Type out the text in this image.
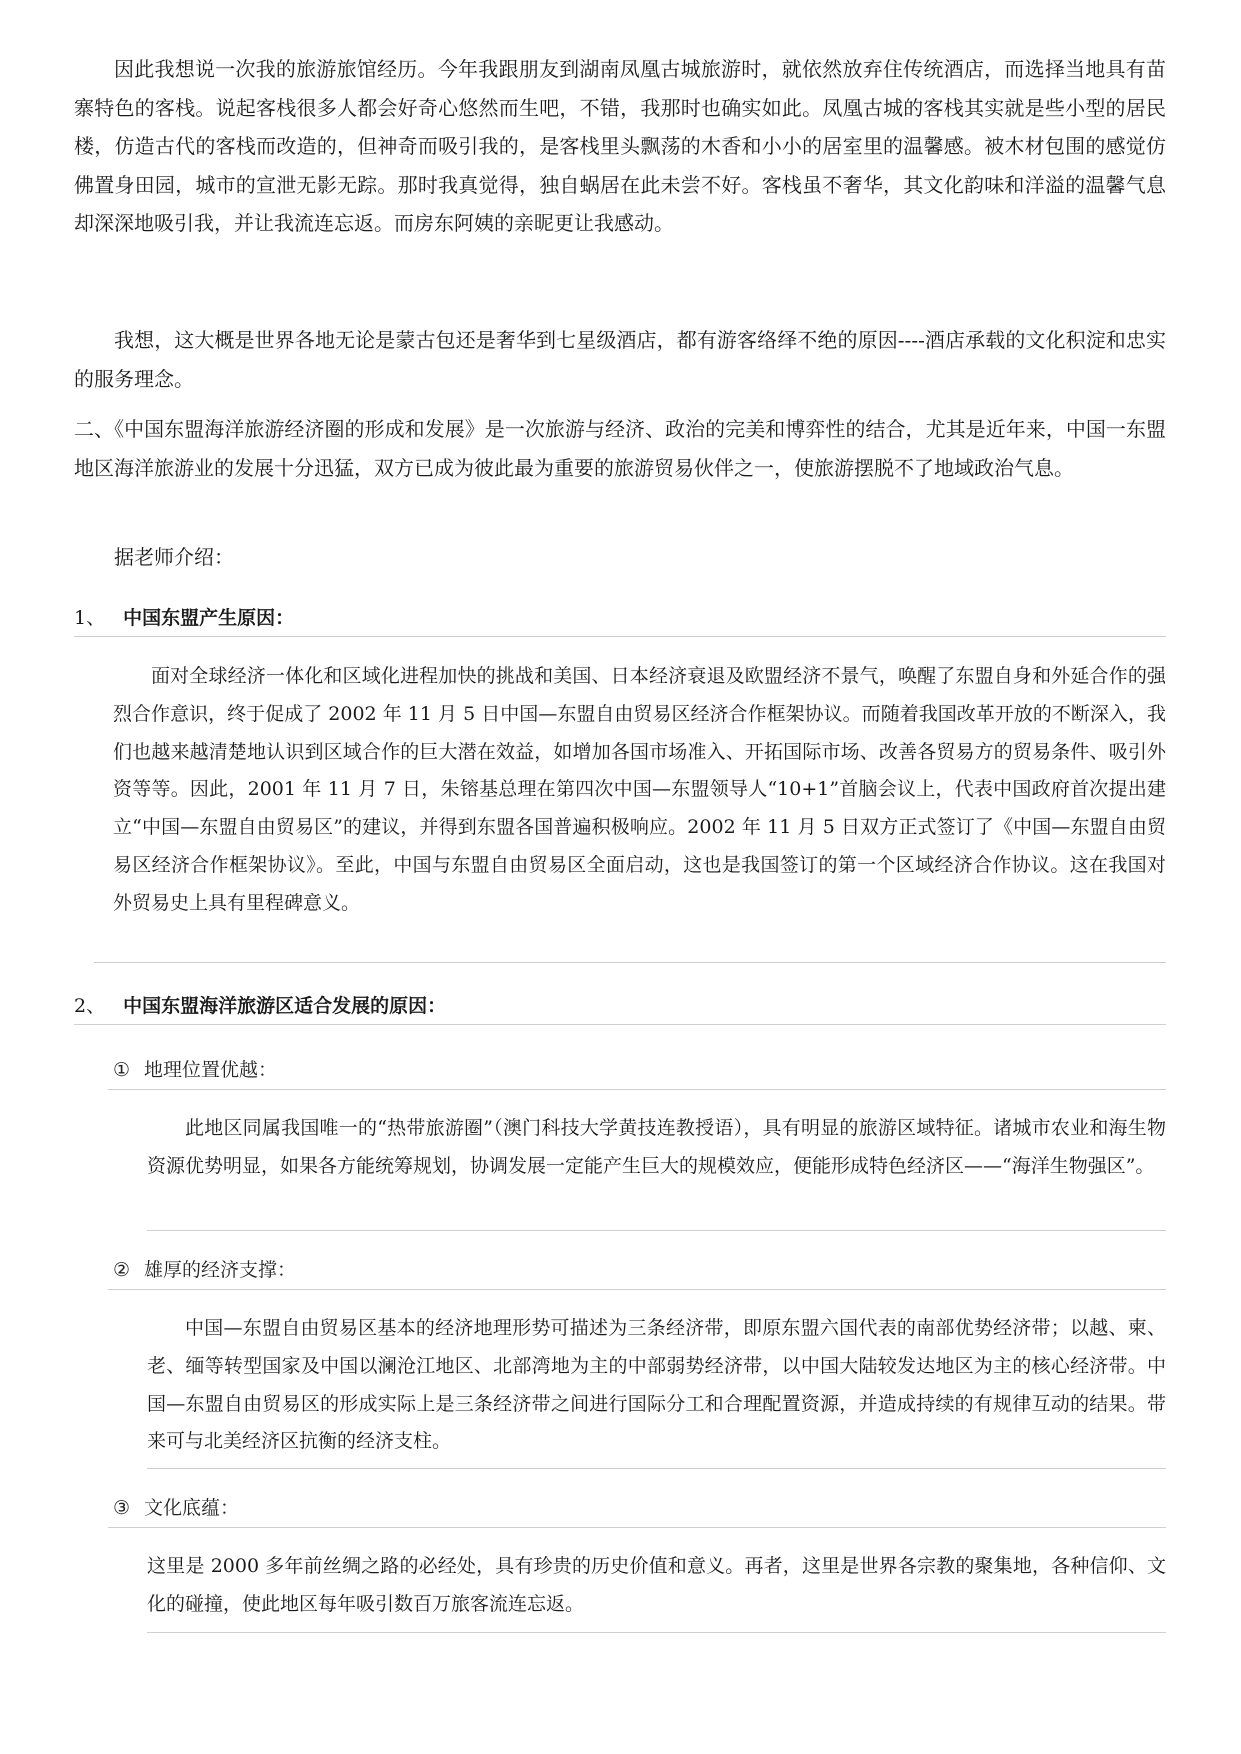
因此我想说一次我的旅游旅馆经历。今年我跟朋友到湖南凤凰古城旅游时，就依然放弃住传统酒店，而选择当地具有苗寨特色的客栈。说起客栈很多人都会好奇心悠然而生吧，不错，我那时也确实如此。凤凰古城的客栈其实就是些小型的居民楼，仿造古代的客栈而改造的，但神奇而吸引我的，是客栈里头飘荡的木香和小小的居室里的温馨感。被木材包围的感觉仿佛置身田园，城市的宣泄无影无踪。那时我真觉得，独自蜗居在此未尝不好。客栈虽不奢华，其文化韵味和洋溢的温馨气息却深深地吸引我，并让我流连忘返。而房东阿姨的亲昵更让我感动。

我想，这大概是世界各地无论是蒙古包还是奢华到七星级酒店，都有游客络绎不绝的原因----酒店承载的文化积淀和忠实的服务理念。

二、《中国东盟海洋旅游经济圈的形成和发展》是一次旅游与经济、政治的完美和博弈性的结合，尤其是近年来，中国一东盟地区海洋旅游业的发展十分迅猛，双方已成为彼此最为重要的旅游贸易伙伴之一，使旅游摆脱不了地域政治气息。

据老师介绍：

1、 中国东盟产生原因：

面对全球经济一体化和区域化进程加快的挑战和美国、日本经济衰退及欧盟经济不景气，唤醒了东盟自身和外延合作的强烈合作意识，终于促成了 2002 年 11 月 5 日中国—东盟自由贸易区经济合作框架协议。而随着我国改革开放的不断深入，我们也越来越清楚地认识到区域合作的巨大潜在效益，如增加各国市场准入、开拓国际市场、改善各贸易方的贸易条件、吸引外资等等。因此，2001 年 11 月 7 日，朱镕基总理在第四次中国—东盟领导人“10+1”首脑会议上，代表中国政府首次提出建立“中国—东盟自由贸易区”的建议，并得到东盟各国普遍积极响应。2002 年 11 月 5 日双方正式签订了《中国—东盟自由贸易区经济合作框架协议》。至此，中国与东盟自由贸易区全面启动，这也是我国签订的第一个区域经济合作协议。这在我国对外贸易史上具有里程碑意义。

2、 中国东盟海洋旅游区适合发展的原因：
① 地理位置优越：

此地区同属我国唯一的“热带旅游圈”（澳门科技大学黄技连教授语），具有明显的旅游区域特征。诸城市农业和海生物资源优势明显，如果各方能统筹规划，协调发展一定能产生巨大的规模效应，便能形成特色经济区——“海洋生物强区”。

② 雄厚的经济支撑：

中国—东盟自由贸易区基本的经济地理形势可描述为三条经济带，即原东盟六国代表的南部优势经济带；以越、柬、老、缅等转型国家及中国以澜沧江地区、北部湾地为主的中部弱势经济带，以中国大陆较发达地区为主的核心经济带。中国—东盟自由贸易区的形成实际上是三条经济带之间进行国际分工和合理配置资源，并造成持续的有规律互动的结果。带来可与北美经济区抗衡的经济支柱。

③ 文化底蕴：

这里是 2000 多年前丝绸之路的必经处，具有珍贵的历史价值和意义。再者，这里是世界各宗教的聚集地，各种信仰、文化的碰撞，使此地区每年吸引数百万旅客流连忘返。
